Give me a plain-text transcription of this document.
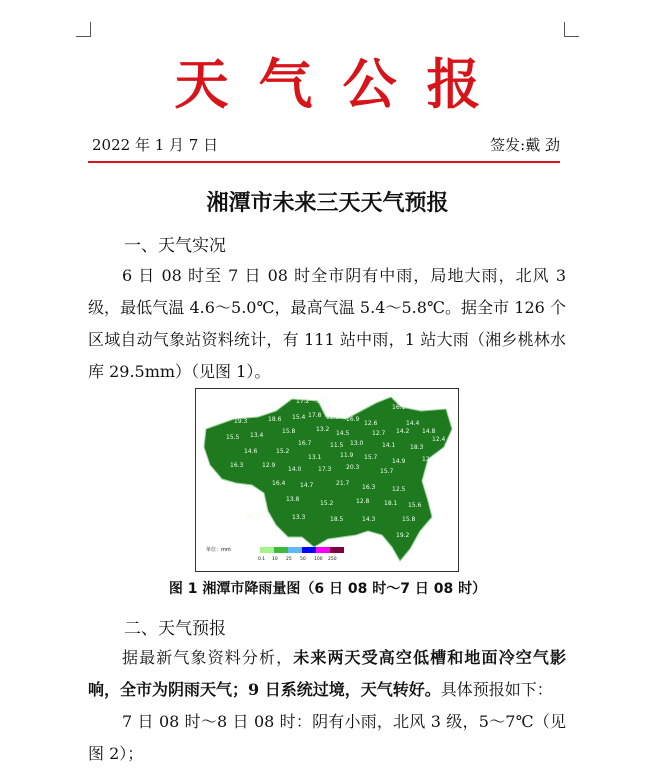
天气公报
2022 年 1 月 7 日	签发:戴 劲
湘潭市未来三天天气预报
一、天气实况
6 日 08 时至 7 日 08 时全市阴有中雨，局地大雨，北风 3 级，最低气温 4.6～5.0℃，最高气温 5.4～5.8℃。据全市 126 个区域自动气象站资料统计，有 111 站中雨，1 站大雨（湘乡桃林水库 29.5mm）（见图 1）。
13.5
13.7
19.3	18.6
17.2 18.2
12.9
16.1
17.8
15.4	16.9
12.6	14.4
14.8
15.8	13.2
14.5	12.7 14.2
12.4
15.5 13.4
16.7	11.5 13.0	14.1 18.3
14.6	15.2
13.1	11.9 15.7
14.9	12.5
16.3	12.9
14.0	17.3 20.3
15.7
16.4 14.7	21.7
16.3	12.5
13.8
15.2	12.8 18.1 15.6
29.5	13.3	18.5	14.3	15.8
19.2
单位：mm
0.1 10 25 50 100 250
图 1 湘潭市降雨量图（6 日 08 时～7 日 08 时）
二、天气预报
据最新气象资料分析，未来两天受高空低槽和地面冷空气影响，全市为阴雨天气；9 日系统过境，天气转好。具体预报如下：
7 日 08 时～8 日 08 时：阴有小雨，北风 3 级，5～7℃（见图 2）；
